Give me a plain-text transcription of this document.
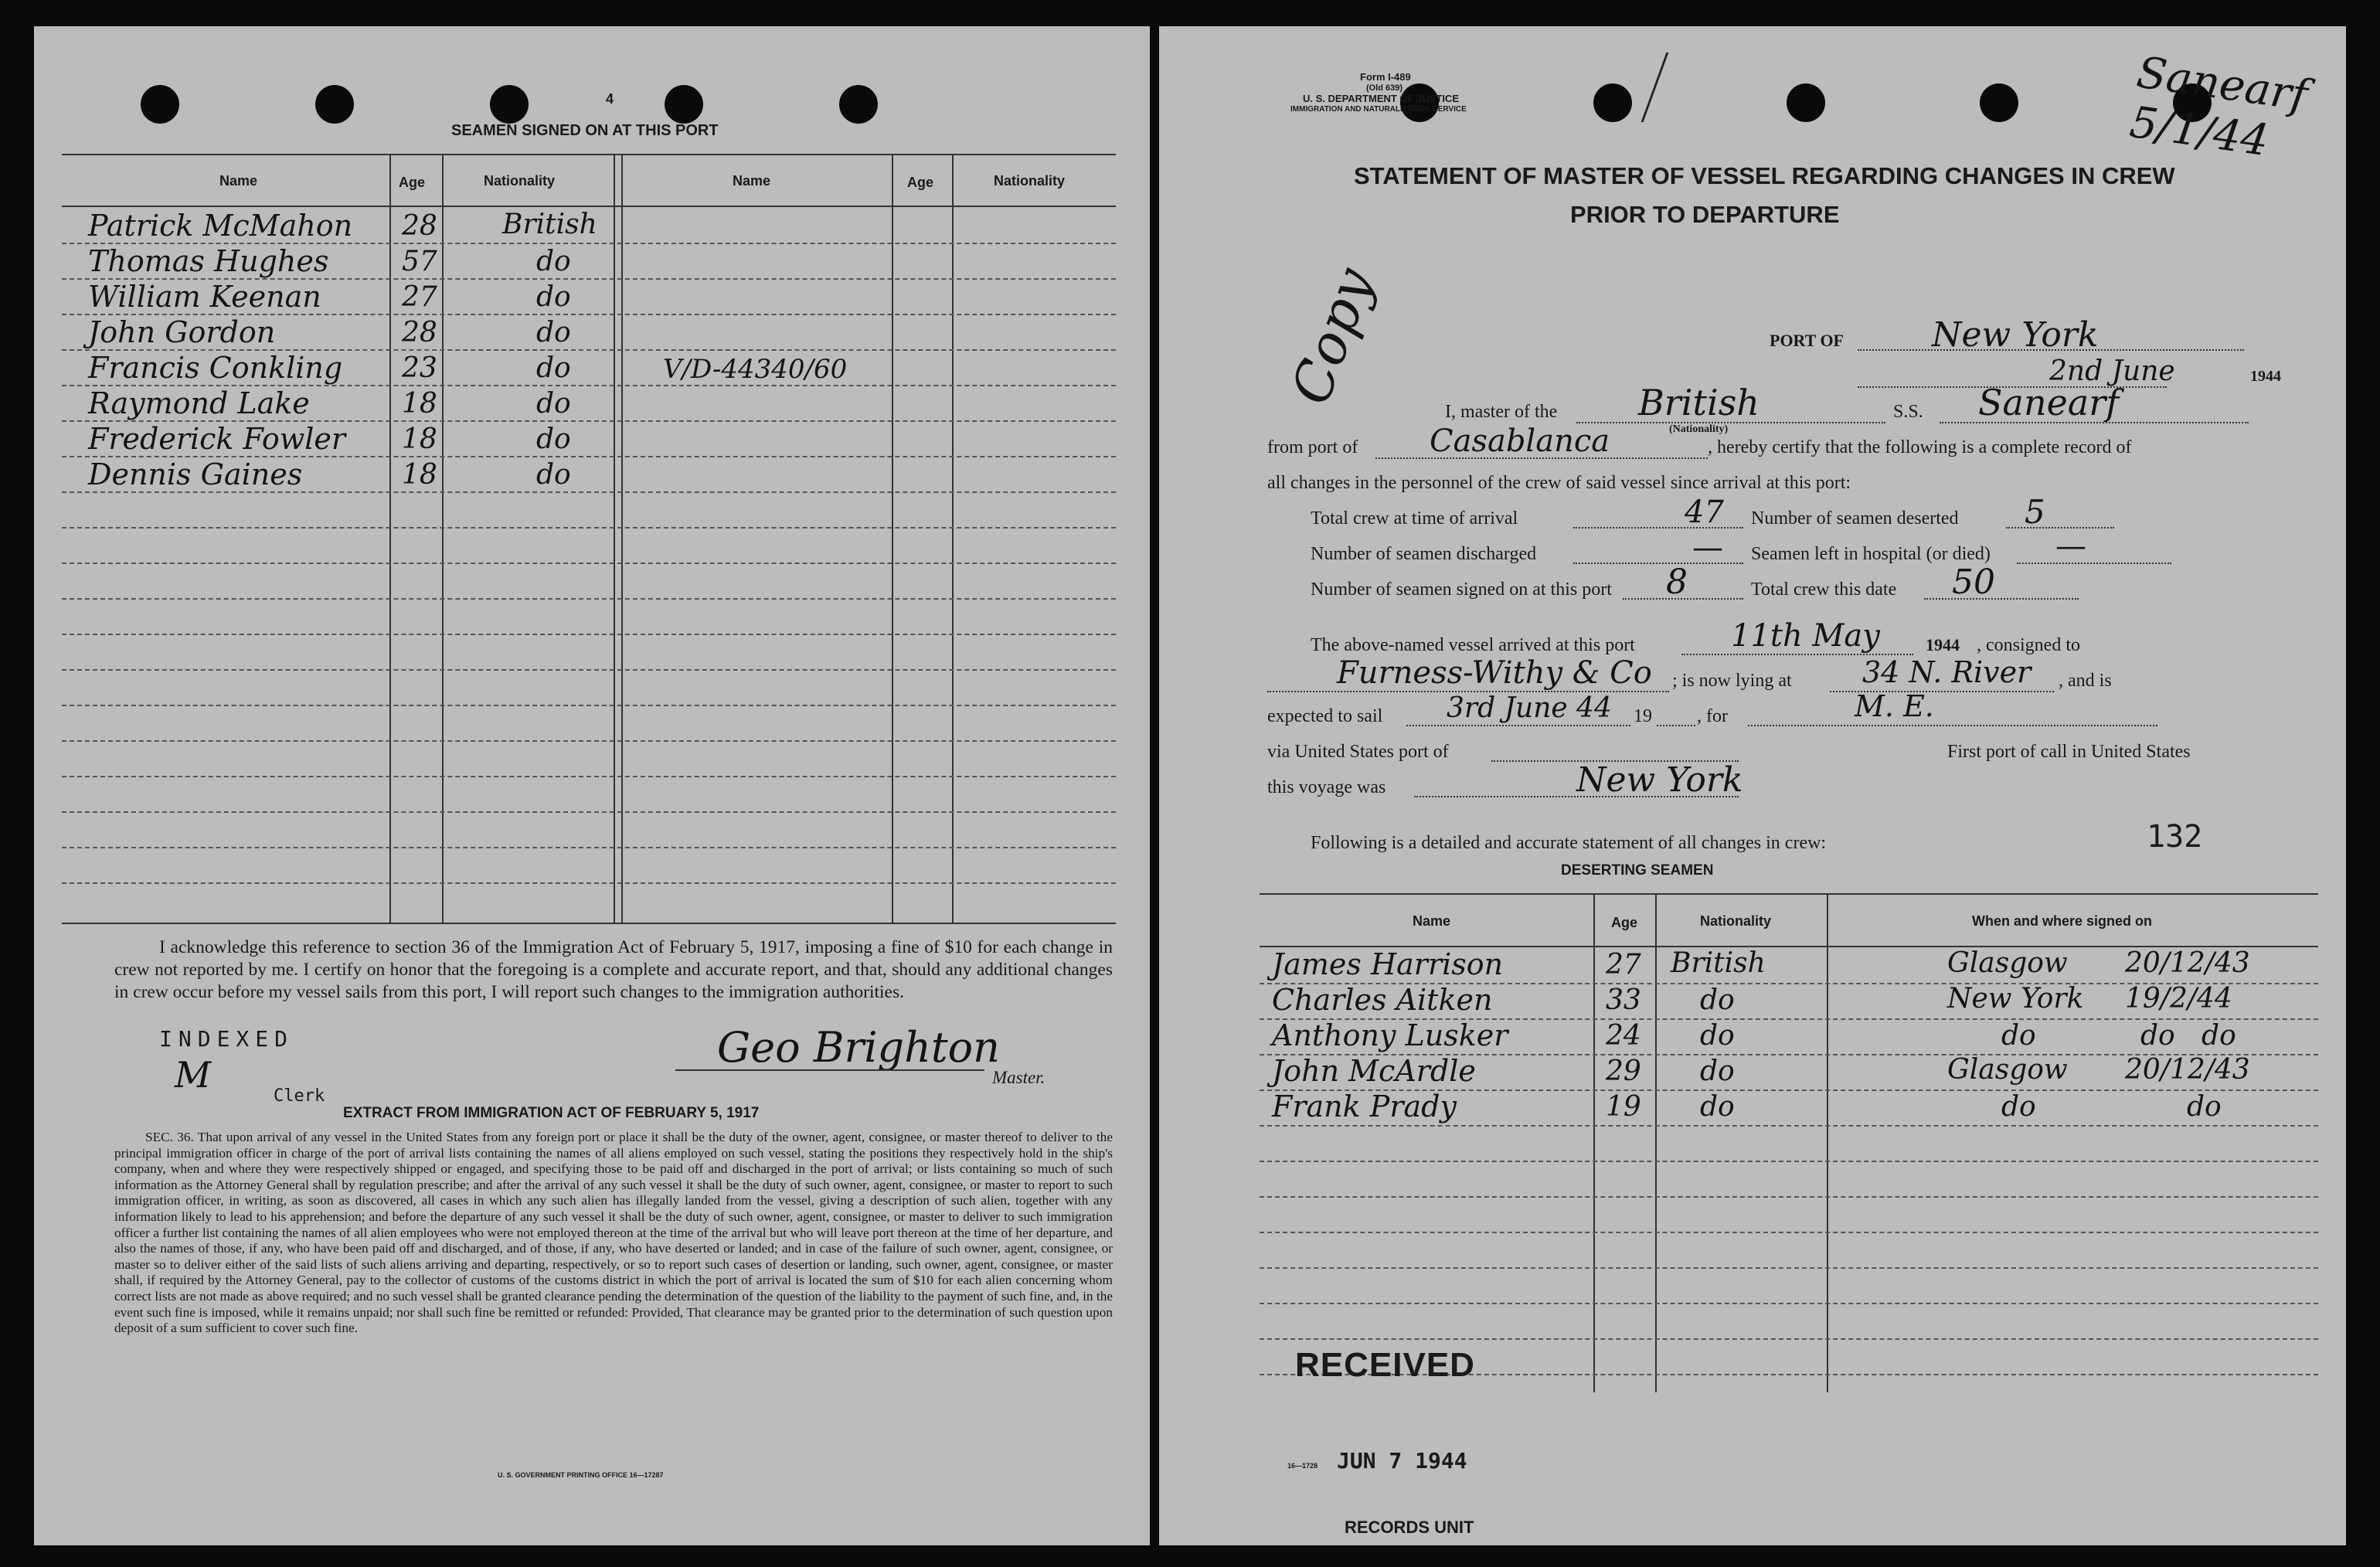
4
SEAMEN SIGNED ON AT THIS PORT
Name	Age	Nationality	Name	Age	Nationality
Patrick McMahon 28 British
Thomas Hughes	57	do
William Keenan	27	do
John Gordon	28	do
Francis Conkling 23	do	V/D-44340/60
Raymond Lake	18	do
Frederick Fowler 18	do
Dennis Gaines	18	do

I acknowledge this reference to section 36 of the Immigration Act of February 5, 1917, imposing a fine of $10 for each change in crew not reported by me. I certify on honor that the foregoing is a complete and accurate report, and that, should any additional changes in crew occur before my vessel sails from this port, I will report such changes to the immigration authorities.

INDEXED
M
Clerk
Geo Brighton
Master.
EXTRACT FROM IMMIGRATION ACT OF FEBRUARY 5, 1917

SEC. 36. That upon arrival of any vessel in the United States from any foreign port or place it shall be the duty of the owner, agent, consignee, or master thereof to deliver to the principal immigration officer in charge of the port of arrival lists containing the names of all aliens employed on such vessel, stating the positions they respectively hold in the ship's company, when and where they were respectively shipped or engaged, and specifying those to be paid off and discharged in the port of arrival; or lists containing so much of such information as the Attorney General shall by regulation prescribe; and after the arrival of any such vessel it shall be the duty of such owner, agent, consignee, or master to report to such immigration officer, in writing, as soon as discovered, all cases in which any such alien has illegally landed from the vessel, giving a description of such alien, together with any information likely to lead to his apprehension; and before the departure of any such vessel it shall be the duty of such owner, agent, consignee, or master to deliver to such immigration officer a further list containing the names of all alien employees who were not employed thereon at the time of the arrival but who will leave port thereon at the time of her departure, and also the names of those, if any, who have been paid off and discharged, and of those, if any, who have deserted or landed; and in case of the failure of such owner, agent, consignee, or master so to deliver either of the said lists of such aliens arriving and departing, respectively, or so to report such cases of desertion or landing, such owner, agent, consignee, or master shall, if required by the Attorney General, pay to the collector of customs of the customs district in which the port of arrival is located the sum of $10 for each alien concerning whom correct lists are not made as above required; and no such vessel shall be granted clearance pending the determination of the question of the liability to the payment of such fine, and, in the event such fine is imposed, while it remains unpaid; nor shall such fine be remitted or refunded: Provided, That clearance may be granted prior to the determination of such question upon deposit of a sum sufficient to cover such fine.

U. S. GOVERNMENT PRINTING OFFICE 16—17287
Form I-489
(Old 639)
U. S. DEPARTMENT OF JUSTICE
IMMIGRATION AND NATURALIZATION SERVICE	Sanearf 5/1/44
STATEMENT OF MASTER OF VESSEL REGARDING CHANGES IN CREW
PRIOR TO DEPARTURE
Copy	PORT OF	New York
2nd June	1944
I, master of the British
(Nationality)
S.S. Sanearf
from port of Casablanca	, hereby certify that the following is a complete record of
all changes in the personnel of the crew of said vessel since arrival at this port:
Total crew at time of arrival	47 Number of seamen deserted 5
Number of seamen discharged	— Seamen left in hospital (or died) —
Number of seamen signed on at this port 8	Total crew this date 50
The above-named vessel arrived at this port	11th May	1944 , consigned to
Furness-Withy & Co ; is now lying at 34 N. River , and is
expected to sail 3rd June 44 19 , for	M. E.
via United States port of	First port of call in United States
this voyage was	New York
Following is a detailed and accurate statement of all changes in crew:	132
DESERTING SEAMEN
Name	Age	Nationality	When and where signed on
James Harrison	27 British	Glasgow 20/12/43
Charles Aitken	33 do	New York 19/2/44
Anthony Lusker	24 do	do	do   do
John McArdle	29 do	Glasgow 20/12/43
Frank Prady	19 do	do	do
RECEIVED
16—1728 JUN 7 1944
RECORDS UNIT
